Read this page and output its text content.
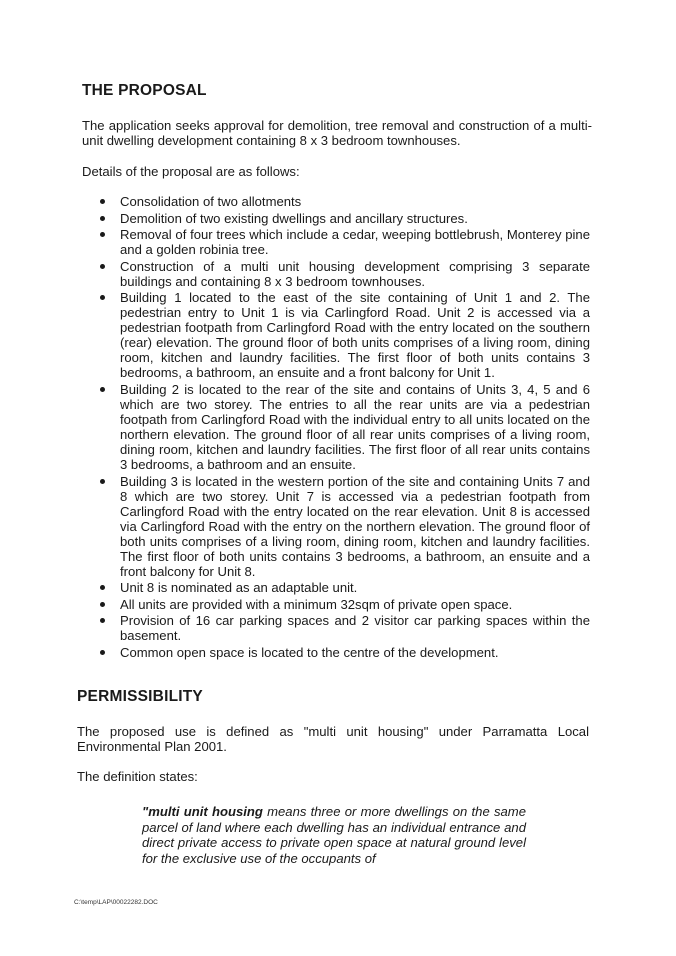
THE PROPOSAL

The application seeks approval for demolition, tree removal and construction of a multi-unit dwelling development containing 8 x 3 bedroom townhouses.

Details of the proposal are as follows:

Consolidation of two allotments
Demolition of two existing dwellings and ancillary structures.
Removal of four trees which include a cedar, weeping bottlebrush, Monterey pine and a golden robinia tree.
Construction of a multi unit housing development comprising 3 separate buildings and containing 8 x 3 bedroom townhouses.
Building 1 located to the east of the site containing of Unit 1 and 2. The pedestrian entry to Unit 1 is via Carlingford Road. Unit 2 is accessed via a pedestrian footpath from Carlingford Road with the entry located on the southern (rear) elevation. The ground floor of both units comprises of a living room, dining room, kitchen and laundry facilities. The first floor of both units contains 3 bedrooms, a bathroom, an ensuite and a front balcony for Unit 1.
Building 2 is located to the rear of the site and contains of Units 3, 4, 5 and 6 which are two storey. The entries to all the rear units are via a pedestrian footpath from Carlingford Road with the individual entry to all units located on the northern elevation. The ground floor of all rear units comprises of a living room, dining room, kitchen and laundry facilities. The first floor of all rear units contains 3 bedrooms, a bathroom and an ensuite.
Building 3 is located in the western portion of the site and containing Units 7 and 8 which are two storey. Unit 7 is accessed via a pedestrian footpath from Carlingford Road with the entry located on the rear elevation. Unit 8 is accessed via Carlingford Road with the entry on the northern elevation. The ground floor of both units comprises of a living room, dining room, kitchen and laundry facilities. The first floor of both units contains 3 bedrooms, a bathroom, an ensuite and a front balcony for Unit 8.
Unit 8 is nominated as an adaptable unit.
All units are provided with a minimum 32sqm of private open space.
Provision of 16 car parking spaces and 2 visitor car parking spaces within the basement.
Common open space is located to the centre of the development.
PERMISSIBILITY

The proposed use is defined as "multi unit housing" under Parramatta Local Environmental Plan 2001.

The definition states:

"multi unit housing means three or more dwellings on the same parcel of land where each dwelling has an individual entrance and direct private access to private open space at natural ground level for the exclusive use of the occupants of

C:\temp\LAP\00022282.DOC
